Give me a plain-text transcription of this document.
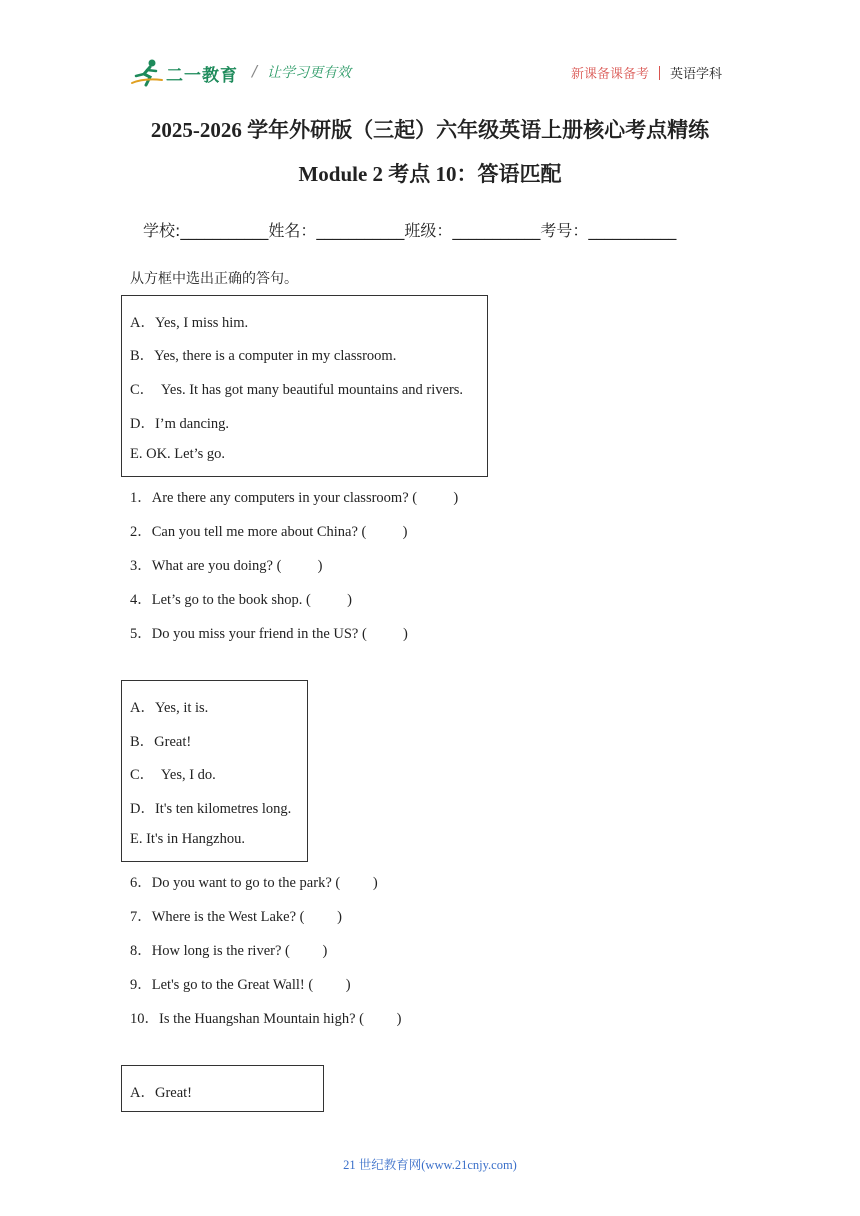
二一教育 / 让学习更有效	新课备课备考 英语学科
2025-2026 学年外研版（三起）六年级英语上册核心考点精练
Module 2 考点 10：答语匹配
学校:___________姓名：___________班级：___________考号：___________
从方框中选出正确的答句。
A．Yes, I miss him.
B．Yes, there is a computer in my classroom.
C．  Yes. It has got many beautiful mountains and rivers.
D．I’m dancing.
E. OK. Let’s go.
1．Are there any computers in your classroom? (          )
2．Can you tell me more about China? (          )
3．What are you doing? (          )
4．Let’s go to the book shop. (          )
5．Do you miss your friend in the US? (          )
A．Yes, it is.
B．Great!
C．  Yes, I do.
D．It's ten kilometres long.
E. It's in Hangzhou.
6．Do you want to go to the park? (         )
7．Where is the West Lake? (         )
8．How long is the river? (         )
9．Let's go to the Great Wall! (         )
10．Is the Huangshan Mountain high? (         )
A．Great!
21 世纪教育网(www.21cnjy.com)
